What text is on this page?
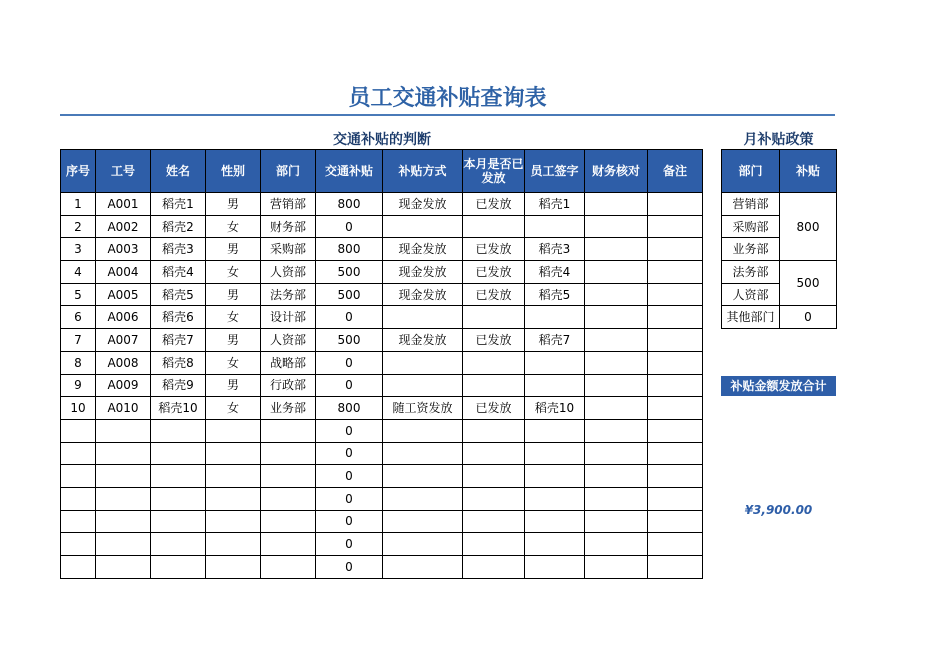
员工交通补贴查询表
交通补贴的判断	月补贴政策
序号	工号	姓名	性别	部门	交通补贴	补贴方式	本月是否已发放	员工签字	财务核对	备注
1	A001	稻壳1	男	营销部	800	现金发放	已发放	稻壳1		
2	A002	稻壳2	女	财务部	0					
3	A003	稻壳3	男	采购部	800	现金发放	已发放	稻壳3		
4	A004	稻壳4	女	人资部	500	现金发放	已发放	稻壳4		
5	A005	稻壳5	男	法务部	500	现金发放	已发放	稻壳5		
6	A006	稻壳6	女	设计部	0					
7	A007	稻壳7	男	人资部	500	现金发放	已发放	稻壳7		
8	A008	稻壳8	女	战略部	0					
9	A009	稻壳9	男	行政部	0					
10	A010	稻壳10	女	业务部	800	随工资发放	已发放	稻壳10		
					0					
					0					
					0					
					0					
					0					
					0					
					0					
部门	补贴
营销部	800
采购部	
业务部	
法务部	500
人资部	
其他部门	0
补贴金额发放合计
¥3,900.00
